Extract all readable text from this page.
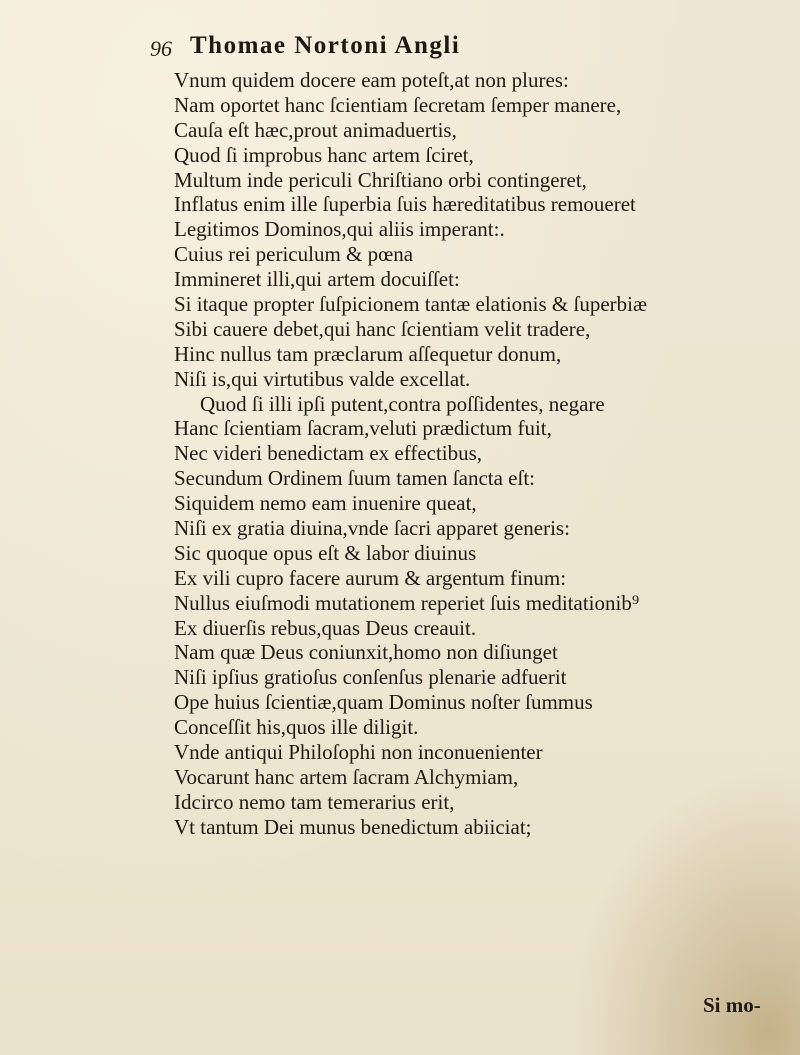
96 Thomae Nortoni Angli
Vnum quidem docere eam poteſt,at non plures:
Nam oportet hanc ſcientiam ſecretam ſemper manere,
Cauſa eſt hæc,prout animaduertis,
Quod ſi improbus hanc artem ſciret,
Multum inde periculi Chriſtiano orbi contingeret,
Inflatus enim ille ſuperbia ſuis hæreditatibus remoueret
Legitimos Dominos,qui aliis imperant:.
Cuius rei periculum & pœna
Immineret illi,qui artem docuiſſet:
Si itaque propter ſuſpicionem tantæ elationis & ſuperbiæ
Sibi cauere debet,qui hanc ſcientiam velit tradere,
Hinc nullus tam præclarum aſſequetur donum,
Niſi is,qui virtutibus valde excellat.
Quod ſi illi ipſi putent,contra poſſidentes, negare
Hanc ſcientiam ſacram,veluti prædictum fuit,
Nec videri benedictam ex effectibus,
Secundum Ordinem ſuum tamen ſancta eſt:
Siquidem nemo eam inuenire queat,
Niſi ex gratia diuina,vnde ſacri apparet generis:
Sic quoque opus eſt & labor diuinus
Ex vili cupro facere aurum & argentum finum:
Nullus eiuſmodi mutationem reperiet ſuis meditationib⁹
Ex diuerſis rebus,quas Deus creauit.
Nam quæ Deus coniunxit,homo non diſiunget
Niſi ipſius gratioſus conſenſus plenarie adfuerit
Ope huius ſcientiæ,quam Dominus noſter ſummus
Conceſſit his,quos ille diligit.
Vnde antiqui Philoſophi non inconuenienter
Vocarunt hanc artem ſacram Alchymiam,
Idcirco nemo tam temerarius erit,
Vt tantum Dei munus benedictum abiiciat;
Si mo-
